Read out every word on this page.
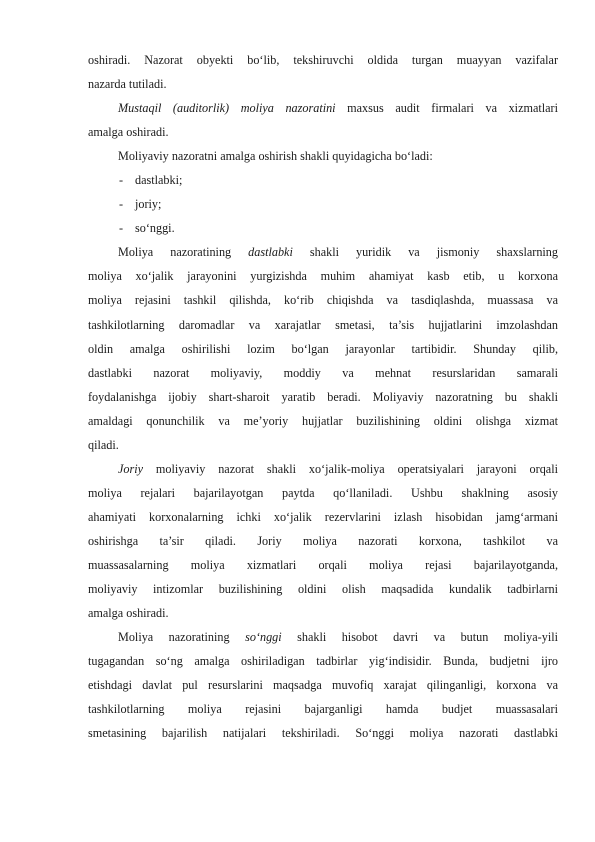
oshiradi. Nazorat obyekti bo‘lib, tekshiruvchi oldida turgan muayyan vazifalar
nazarda tutiladi.
Mustaqil (auditorlik) moliya nazoratini maxsus audit firmalari va xizmatlari
amalga oshiradi.
Moliyaviy nazoratni amalga oshirish shakli quyidagicha bo‘ladi:
- dastlabki;
- joriy;
- so‘nggi.
Moliya nazoratining dastlabki shakli yuridik va jismoniy shaxslarning
moliya xo‘jalik jarayonini yurgizishda muhim ahamiyat kasb etib, u korxona
moliya rejasini tashkil qilishda, ko‘rib chiqishda va tasdiqlashda, muassasa va
tashkilotlarning daromadlar va xarajatlar smetasi, ta’sis hujjatlarini imzolashdan
oldin amalga oshirilishi lozim bo‘lgan jarayonlar tartibidir. Shunday qilib,
dastlabki nazorat moliyaviy, moddiy va mehnat resurslaridan samarali
foydalanishga ijobiy shart-sharoit yaratib beradi. Moliyaviy nazoratning bu shakli
amaldagi qonunchilik va me’yoriy hujjatlar buzilishining oldini olishga xizmat
qiladi.
Joriy moliyaviy nazorat shakli xo‘jalik-moliya operatsiyalari jarayoni orqali
moliya rejalari bajarilayotgan paytda qo‘llaniladi. Ushbu shaklning asosiy
ahamiyati korxonalarning ichki xo‘jalik rezervlarini izlash hisobidan jamg‘armani
oshirishga ta’sir qiladi. Joriy moliya nazorati korxona, tashkilot va
muassasalarning moliya xizmatlari orqali moliya rejasi bajarilayotganda,
moliyaviy intizomlar buzilishining oldini olish maqsadida kundalik tadbirlarni
amalga oshiradi.
Moliya nazoratining so‘nggi shakli hisobot davri va butun moliya-yili
tugagandan so‘ng amalga oshiriladigan tadbirlar yig‘indisidir. Bunda, budjetni ijro
etishdagi davlat pul resurslarini maqsadga muvofiq xarajat qilinganligi, korxona va
tashkilotlarning moliya rejasini bajarganligi hamda budjet muassasalari
smetasining bajarilish natijalari tekshiriladi. So‘nggi moliya nazorati dastlabki
